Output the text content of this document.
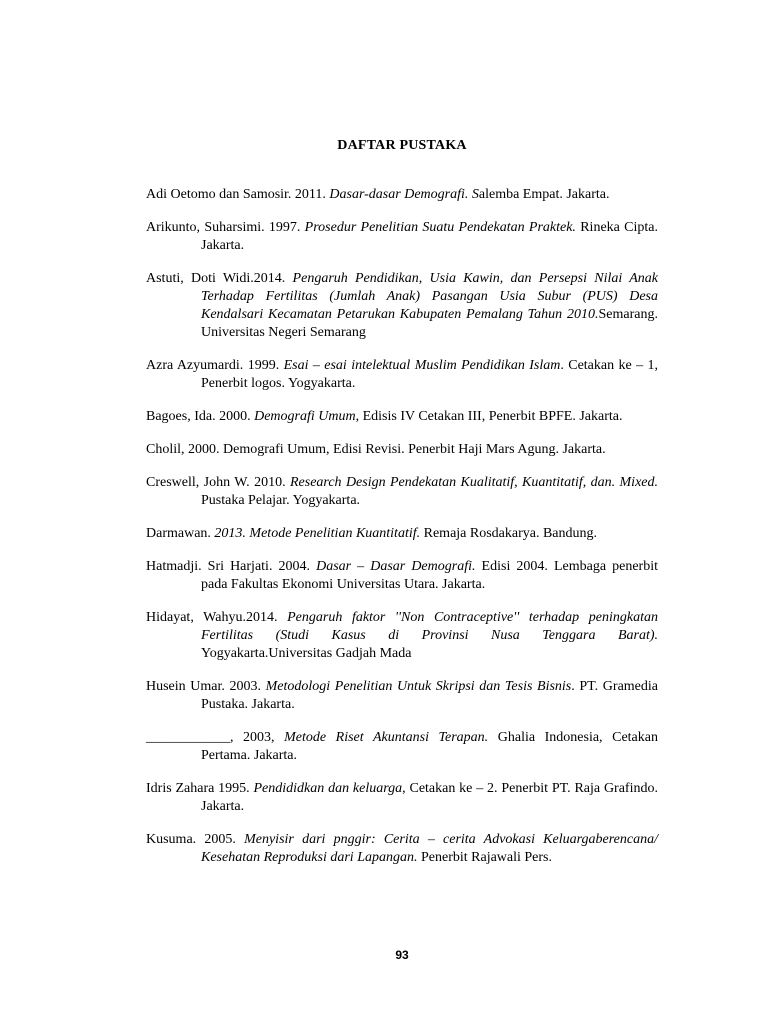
DAFTAR PUSTAKA

Adi Oetomo dan Samosir. 2011. Dasar-dasar Demografi. Salemba Empat. Jakarta.

Arikunto, Suharsimi. 1997. Prosedur Penelitian Suatu Pendekatan Praktek. Rineka Cipta. Jakarta.

Astuti, Doti Widi.2014. Pengaruh Pendidikan, Usia Kawin, dan Persepsi Nilai Anak Terhadap Fertilitas (Jumlah Anak) Pasangan Usia Subur (PUS) Desa Kendalsari Kecamatan Petarukan Kabupaten Pemalang Tahun 2010.Semarang. Universitas Negeri Semarang

Azra Azyumardi. 1999. Esai – esai intelektual Muslim Pendidikan Islam. Cetakan ke – 1, Penerbit logos. Yogyakarta.

Bagoes, Ida. 2000. Demografi Umum, Edisis IV Cetakan III, Penerbit BPFE. Jakarta.

Cholil, 2000. Demografi Umum, Edisi Revisi. Penerbit Haji Mars Agung. Jakarta.

Creswell, John W. 2010. Research Design Pendekatan Kualitatif, Kuantitatif, dan. Mixed. Pustaka Pelajar. Yogyakarta.

Darmawan. 2013. Metode Penelitian Kuantitatif. Remaja Rosdakarya. Bandung.

Hatmadji. Sri Harjati. 2004. Dasar – Dasar Demografi. Edisi 2004. Lembaga penerbit pada Fakultas Ekonomi Universitas Utara. Jakarta.

Hidayat, Wahyu.2014. Pengaruh faktor ''Non Contraceptive'' terhadap peningkatan Fertilitas (Studi Kasus di Provinsi Nusa Tenggara Barat). Yogyakarta.Universitas Gadjah Mada

Husein Umar. 2003. Metodologi Penelitian Untuk Skripsi dan Tesis Bisnis. PT. Gramedia Pustaka. Jakarta.

____________, 2003, Metode Riset Akuntansi Terapan. Ghalia Indonesia, Cetakan Pertama. Jakarta.

Idris Zahara 1995. Pendididkan dan keluarga, Cetakan ke – 2. Penerbit PT. Raja Grafindo. Jakarta.

Kusuma. 2005. Menyisir dari pnggir: Cerita – cerita Advokasi Keluargaberencana/ Kesehatan Reproduksi dari Lapangan. Penerbit Rajawali Pers.

93
